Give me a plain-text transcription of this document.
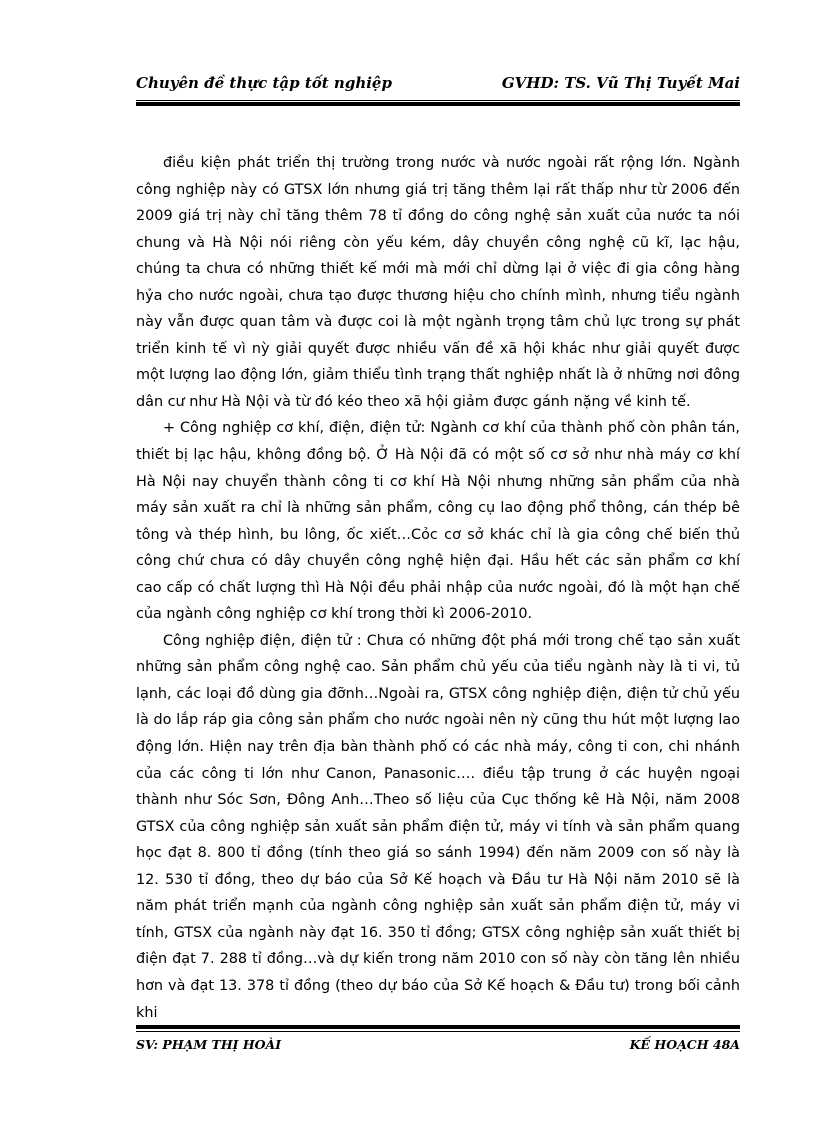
Chuyên đề thực tập tốt nghiệp	GVHD: TS. Vũ Thị Tuyết Mai

điều kiện phát triển thị trường trong nước và nước ngoài rất rộng lớn. Ngành công nghiệp này có GTSX lớn nhưng giá trị tăng thêm lại rất thấp như từ 2006 đến 2009 giá trị này chỉ tăng thêm 78 tỉ đồng do công nghệ sản xuất của nước ta nói chung và Hà Nội nói riêng còn yếu kém, dây chuyền công nghệ cũ kĩ, lạc hậu, chúng ta chưa có những thiết kế mới mà mới chỉ dừng lại ở việc đi gia công hàng hỷa cho nước ngoài, chưa tạo được thương hiệu cho chính mình, nhưng tiểu ngành này vẫn được quan tâm và được coi là một ngành trọng tâm chủ lực trong sự phát triển kinh tế vì nỳ giải quyết được nhiều vấn đề xã hội khác như giải quyết được một lượng lao động lớn, giảm thiểu tình trạng thất nghiệp nhất là ở những nơi đông dân cư như Hà Nội và từ đó kéo theo xã hội giảm được gánh nặng về kinh tế.

+ Công nghiệp cơ khí, điện, điện tử: Ngành cơ khí của thành phố còn phân tán, thiết bị lạc hậu, không đồng bộ. Ở Hà Nội đã có một số cơ sở như nhà máy cơ khí Hà Nội nay chuyển thành công ti cơ khí Hà Nội nhưng những sản phẩm của nhà máy sản xuất ra chỉ là những sản phẩm, công cụ lao động phổ thông, cán thép bê tông và thép hình, bu lông, ốc xiết…Cỏc cơ sở khác chỉ là gia công chế biến thủ công chứ chưa có dây chuyền công nghệ hiện đại. Hầu hết các sản phẩm cơ khí cao cấp có chất lượng thì Hà Nội đều phải nhập của nước ngoài, đó là một hạn chế của ngành công nghiệp cơ khí trong thời kì 2006-2010.

Công nghiệp điện, điện tử : Chưa có những đột phá mới trong chế tạo sản xuất những sản phẩm công nghệ cao. Sản phẩm chủ yếu của tiểu ngành này là ti vi, tủ lạnh, các loại đồ dùng gia đỡnh…Ngoài ra, GTSX công nghiệp điện, điện tử chủ yếu là do lắp ráp gia công sản phẩm cho nước ngoài nên nỳ cũng thu hút một lượng lao động lớn. Hiện nay trên địa bàn thành phố có các nhà máy, công ti con, chi nhánh của các công ti lớn như Canon, Panasonic…. điều tập trung ở các huyện ngoại thành như Sóc Sơn, Đông Anh…Theo số liệu của Cục thống kê Hà Nội, năm 2008 GTSX của công nghiệp sản xuất sản phẩm điện tử, máy vi tính và sản phẩm quang học đạt 8. 800 tỉ đồng (tính theo giá so sánh 1994) đến năm 2009 con số này là 12. 530 tỉ đồng, theo dự báo của Sở Kế hoạch và Đầu tư Hà Nội năm 2010 sẽ là năm phát triển mạnh của ngành công nghiệp sản xuất sản phẩm điện tử, máy vi tính, GTSX của ngành này đạt 16. 350 tỉ đồng; GTSX công nghiệp sản xuất thiết bị điện đạt 7. 288 tỉ đồng…và dự kiến trong năm 2010 con số này còn tăng lên nhiều hơn và đạt 13. 378 tỉ đồng (theo dự báo của Sở Kế hoạch & Đầu tư) trong bối cảnh khi

SV: PHẠM THỊ HOÀI	KẾ HOẠCH 48A
